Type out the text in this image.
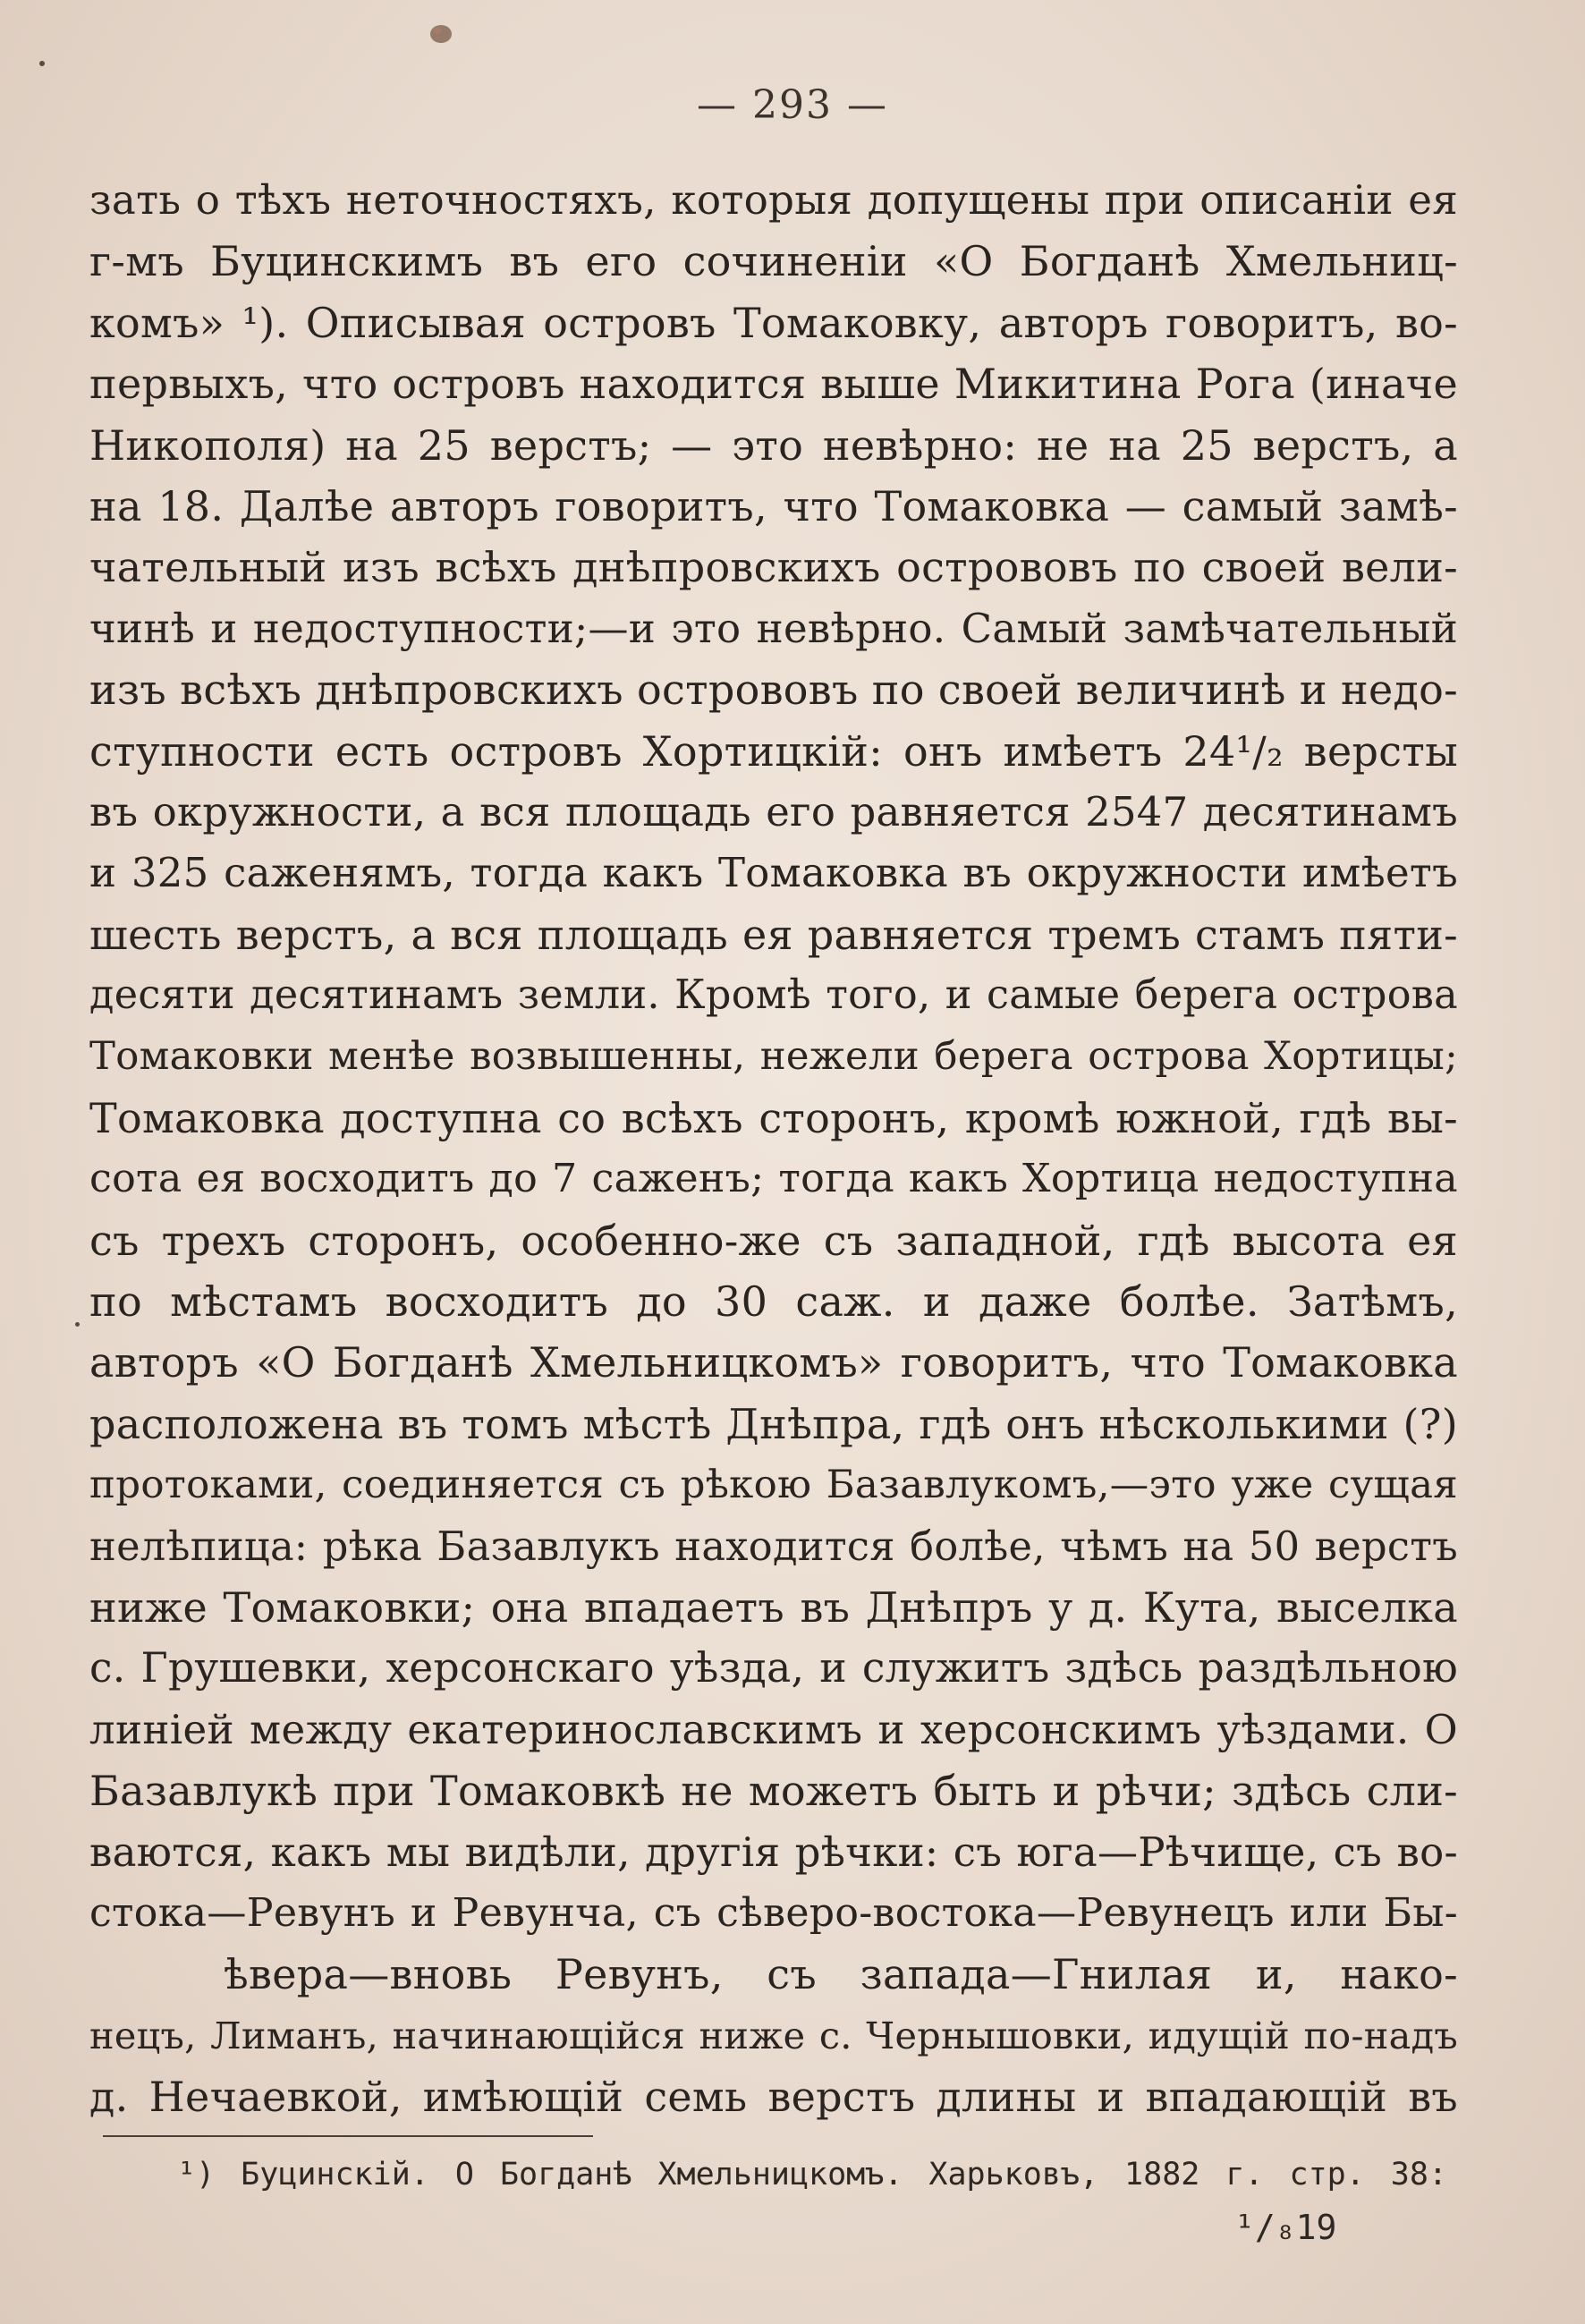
— 293 —
зать о тѣхъ неточностяхъ, которыя допущены при описаніи ея
г-мъ Буцинскимъ въ его сочиненіи «О Богданѣ Хмельниц-
комъ» ¹). Описывая островъ Томаковку, авторъ говоритъ, во-
первыхъ, что островъ находится выше Микитина Рога (иначе
Никополя) на 25 верстъ; — это невѣрно: не на 25 верстъ, а
на 18. Далѣе авторъ говоритъ, что Томаковка — самый замѣ-
чательный изъ всѣхъ днѣпровскихъ острововъ по своей вели-
чинѣ и недоступности;—и это невѣрно. Самый замѣчательный
изъ всѣхъ днѣпровскихъ острововъ по своей величинѣ и недо-
ступности есть островъ Хортицкій: онъ имѣетъ 24¹/₂ версты
въ окружности, а вся площадь его равняется 2547 десятинамъ
и 325 саженямъ, тогда какъ Томаковка въ окружности имѣетъ
шесть верстъ, а вся площадь ея равняется тремъ стамъ пяти-
десяти десятинамъ земли. Кромѣ того, и самые берега острова
Томаковки менѣе возвышенны, нежели берега острова Хортицы;
Томаковка доступна со всѣхъ сторонъ, кромѣ южной, гдѣ вы-
сота ея восходитъ до 7 саженъ; тогда какъ Хортица недоступна
съ трехъ сторонъ, особенно-же съ западной, гдѣ высота ея
по мѣстамъ восходитъ до 30 саж. и даже болѣе. Затѣмъ,
авторъ «О Богданѣ Хмельницкомъ» говоритъ, что Томаковка
расположена въ томъ мѣстѣ Днѣпра, гдѣ онъ нѣсколькими (?)
протоками, соединяется съ рѣкою Базавлукомъ,—это уже сущая
нелѣпица: рѣка Базавлукъ находится болѣе, чѣмъ на 50 верстъ
ниже Томаковки; она впадаетъ въ Днѣпръ у д. Кута, выселка
с. Грушевки, херсонскаго уѣзда, и служитъ здѣсь раздѣльною
линіей между екатеринославскимъ и херсонскимъ уѣздами. О
Базавлукѣ при Томаковкѣ не можетъ быть и рѣчи; здѣсь сли-
ваются, какъ мы видѣли, другія рѣчки: съ юга—Рѣчище, съ во-
стока—Ревунъ и Ревунча, съ сѣверо-востока—Ревунецъ или Бы-
ѣвера—вновь Ревунъ, съ запада—Гнилая и, нако-
нецъ, Лиманъ, начинающійся ниже с. Чернышовки, идущій по-надъ
д. Нечаевкой, имѣющій семь верстъ длины и впадающій въ
¹) Буцинскій. О Богданѣ Хмельницкомъ. Харьковъ, 1882 г. стр. 38:
¹/₈19
